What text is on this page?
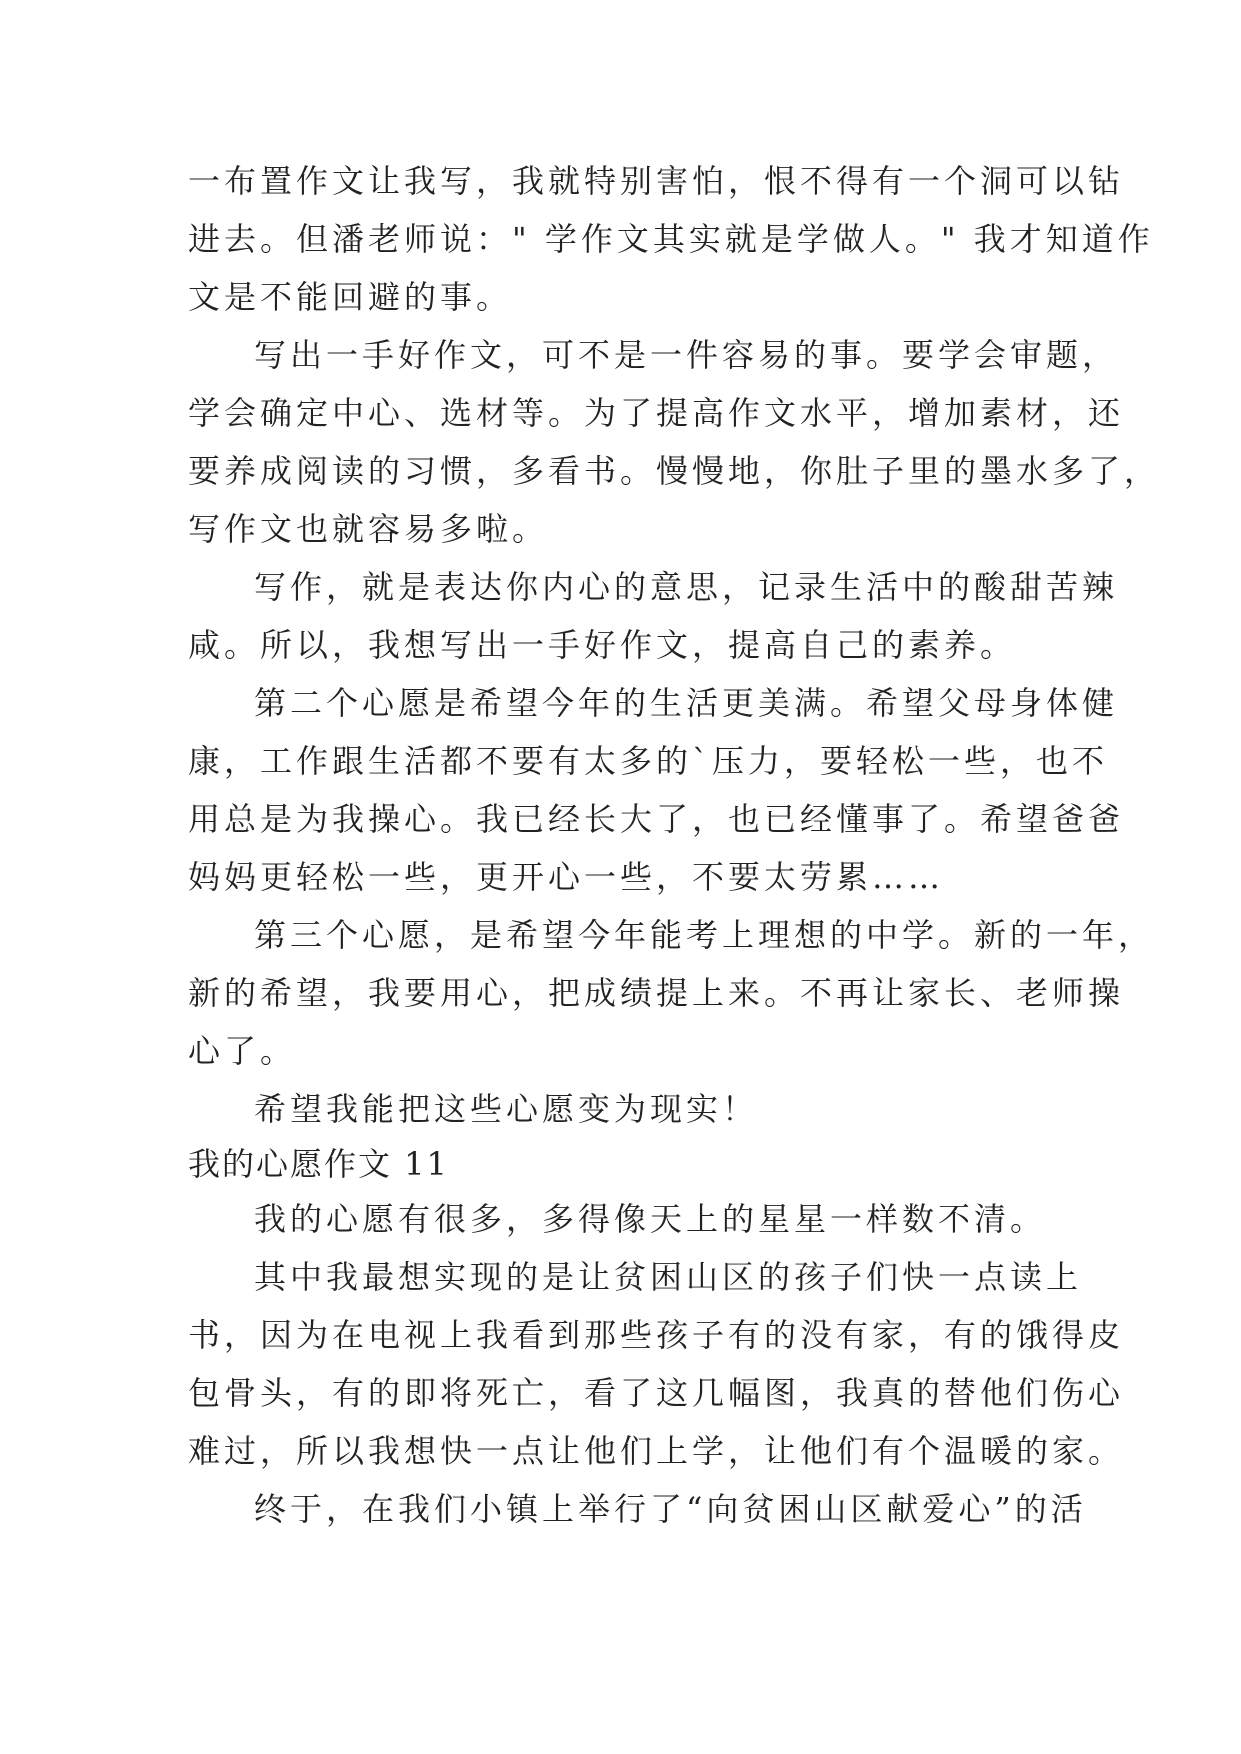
一布置作文让我写，我就特别害怕，恨不得有一个洞可以钻

进去。但潘老师说：" 学作文其实就是学做人。" 我才知道作

文是不能回避的事。

写出一手好作文，可不是一件容易的事。要学会审题，

学会确定中心、选材等。为了提高作文水平，增加素材，还

要养成阅读的习惯，多看书。慢慢地，你肚子里的墨水多了，

写作文也就容易多啦。

写作，就是表达你内心的意思，记录生活中的酸甜苦辣

咸。所以，我想写出一手好作文，提高自己的素养。

第二个心愿是希望今年的生活更美满。希望父母身体健

康，工作跟生活都不要有太多的`压力，要轻松一些，也不

用总是为我操心。我已经长大了，也已经懂事了。希望爸爸

妈妈更轻松一些，更开心一些，不要太劳累……

第三个心愿，是希望今年能考上理想的中学。新的一年，

新的希望，我要用心，把成绩提上来。不再让家长、老师操

心了。

希望我能把这些心愿变为现实！

我的心愿作文 11

我的心愿有很多，多得像天上的星星一样数不清。

其中我最想实现的是让贫困山区的孩子们快一点读上

书，因为在电视上我看到那些孩子有的没有家，有的饿得皮

包骨头，有的即将死亡，看了这几幅图，我真的替他们伤心

难过，所以我想快一点让他们上学，让他们有个温暖的家。

终于，在我们小镇上举行了“向贫困山区献爱心”的活
